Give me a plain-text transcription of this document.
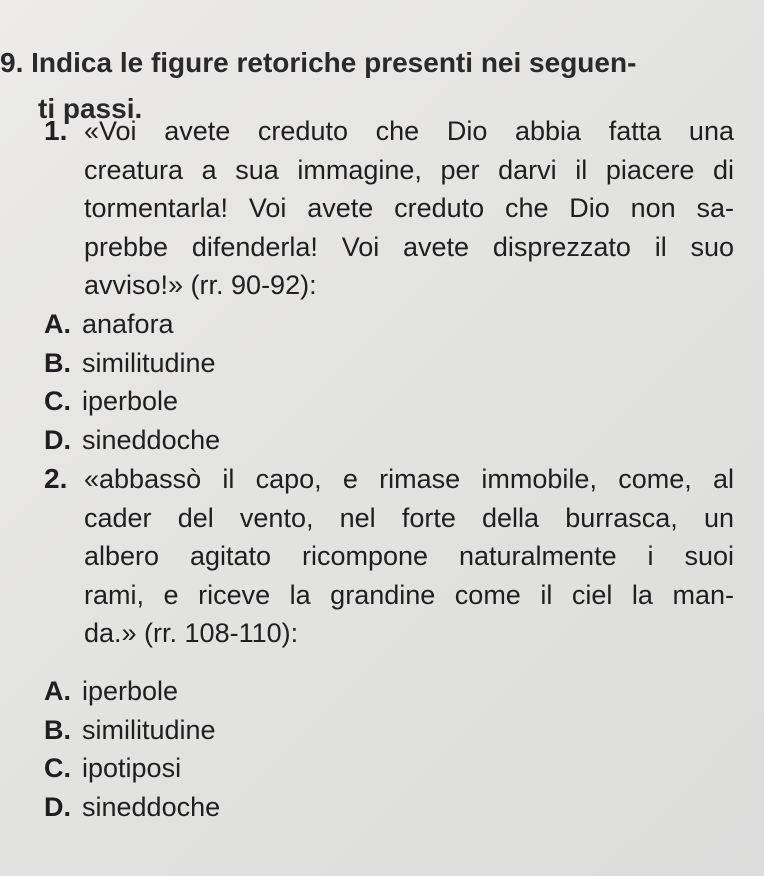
9. Indica le figure retoriche presenti nei seguen-
ti passi.
1. «Voi avete creduto che Dio abbia fatta una
creatura a sua immagine, per darvi il piacere di
tormentarla! Voi avete creduto che Dio non sa-
prebbe difenderla! Voi avete disprezzato il suo
avviso!» (rr. 90-92):
A. anafora
B. similitudine
C. iperbole
D. sineddoche
2. «abbassò il capo, e rimase immobile, come, al
cader del vento, nel forte della burrasca, un
albero agitato ricompone naturalmente i suoi
rami, e riceve la grandine come il ciel la man-
da.» (rr. 108-110):
A. iperbole
B. similitudine
C. ipotiposi
D. sineddoche
